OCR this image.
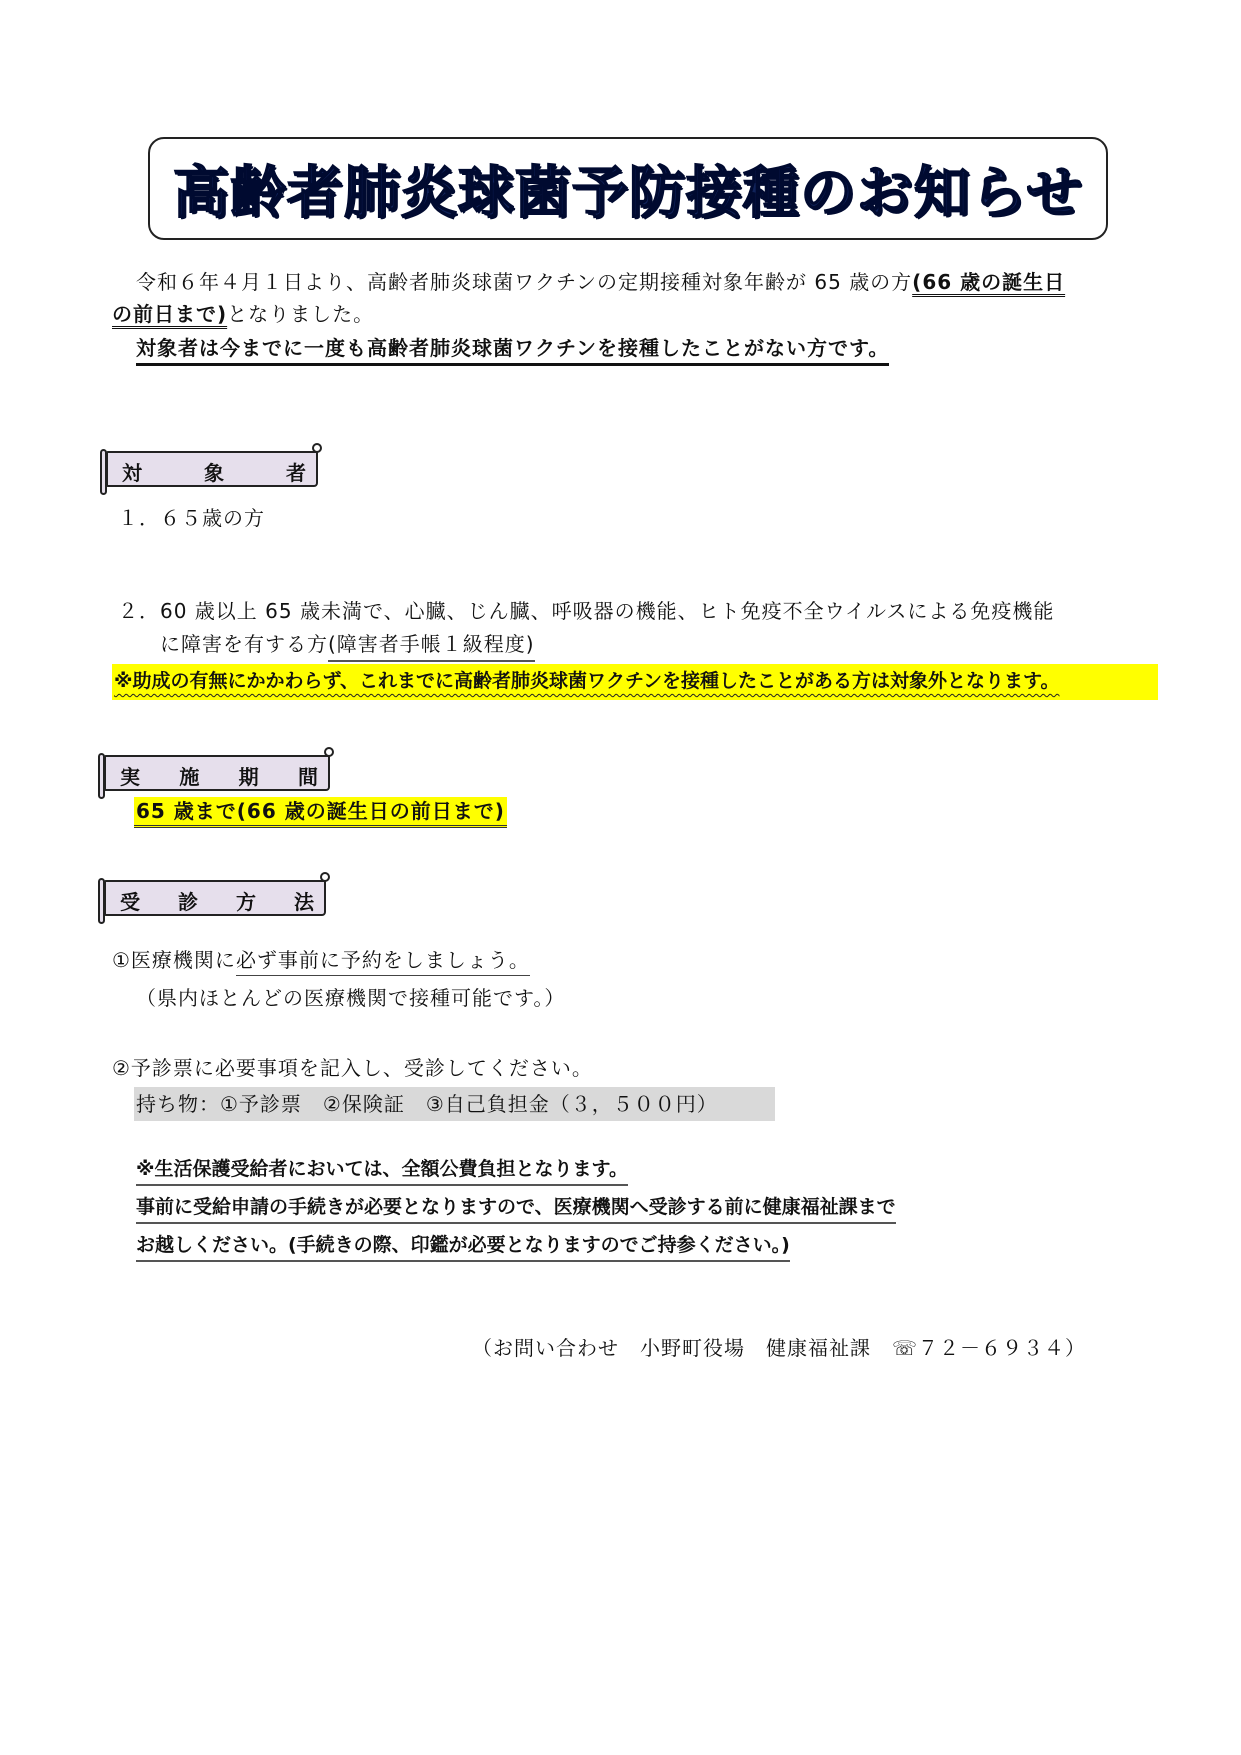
高齢者肺炎球菌予防接種のお知らせ
令和６年４月１日より、高齢者肺炎球菌ワクチンの定期接種対象年齢が 65 歳の方(66 歳の誕生日
の前日まで)となりました。
対象者は今までに一度も高齢者肺炎球菌ワクチンを接種したことがない方です。
対	象	者
１．６５歳の方
２．60 歳以上 65 歳未満で、心臓、じん臓、呼吸器の機能、ヒト免疫不全ウイルスによる免疫機能
に障害を有する方(障害者手帳１級程度)
※助成の有無にかかわらず、これまでに高齢者肺炎球菌ワクチンを接種したことがある方は対象外となります。
実 施 期 間
65 歳まで(66 歳の誕生日の前日まで)
受 診 方 法
①医療機関に必ず事前に予約をしましょう。
（県内ほとんどの医療機関で接種可能です。）
②予診票に必要事項を記入し、受診してください。
持ち物：①予診票　②保険証　③自己負担金（３，５００円）
※生活保護受給者においては、全額公費負担となります。
事前に受給申請の手続きが必要となりますので、医療機関へ受診する前に健康福祉課まで
お越しください。(手続きの際、印鑑が必要となりますのでご持参ください。)
（お問い合わせ　小野町役場　健康福祉課　☏７２－６９３４）
